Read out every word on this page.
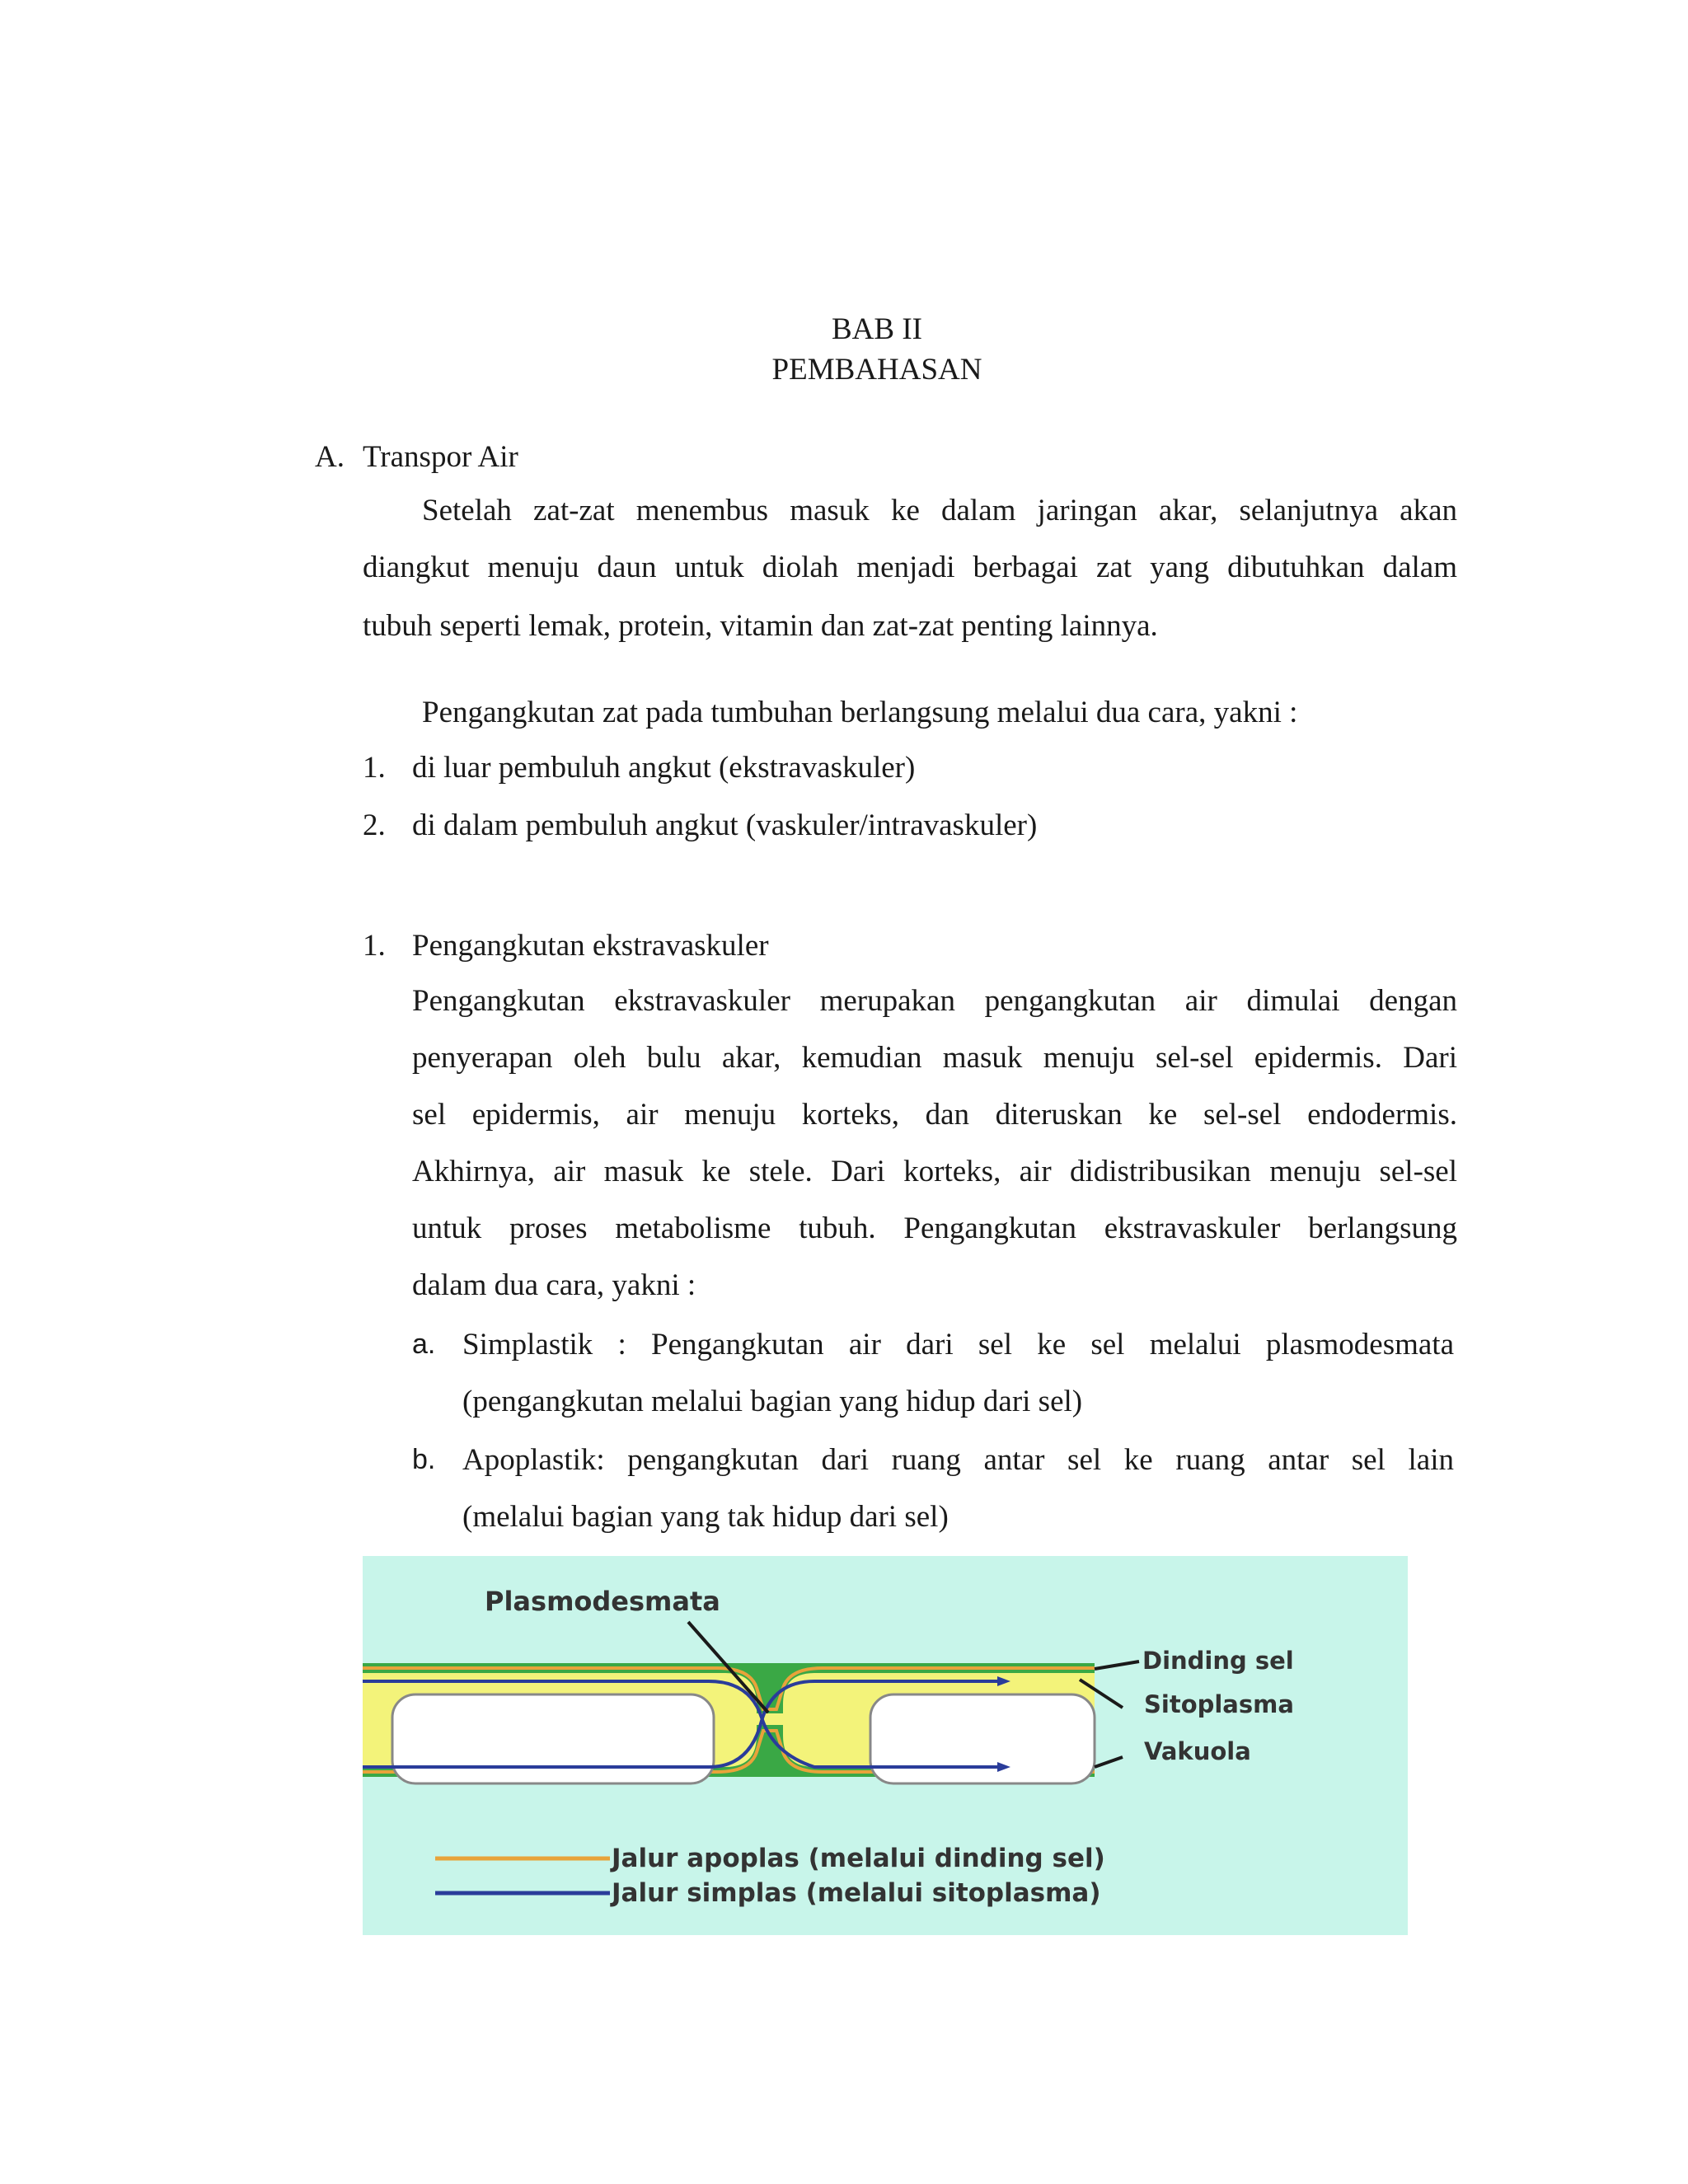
BAB II
PEMBAHASAN
A. Transpor Air
Setelah zat-zat menembus masuk ke dalam jaringan akar, selanjutnya akan
diangkut menuju daun untuk diolah menjadi berbagai zat yang dibutuhkan dalam
tubuh seperti lemak, protein, vitamin dan zat-zat penting lainnya.
Pengangkutan zat pada tumbuhan berlangsung melalui dua cara, yakni :
1. di luar pembuluh angkut (ekstravaskuler)
2. di dalam pembuluh angkut (vaskuler/intravaskuler)
1. Pengangkutan ekstravaskuler
Pengangkutan ekstravaskuler merupakan pengangkutan air dimulai dengan
penyerapan oleh bulu akar, kemudian masuk menuju sel-sel epidermis. Dari
sel epidermis, air menuju korteks, dan diteruskan ke sel-sel endodermis.
Akhirnya, air masuk ke stele. Dari korteks, air didistribusikan menuju sel-sel
untuk proses metabolisme tubuh. Pengangkutan ekstravaskuler berlangsung
dalam dua cara, yakni :
a. Simplastik : Pengangkutan air dari sel ke sel melalui plasmodesmata
(pengangkutan melalui bagian yang hidup dari sel)
b. Apoplastik: pengangkutan dari ruang antar sel ke ruang antar sel lain
(melalui bagian yang tak hidup dari sel)
Plasmodesmata
Dinding sel
Sitoplasma
Vakuola
Jalur apoplas (melalui dinding sel)
Jalur simplas (melalui sitoplasma)
